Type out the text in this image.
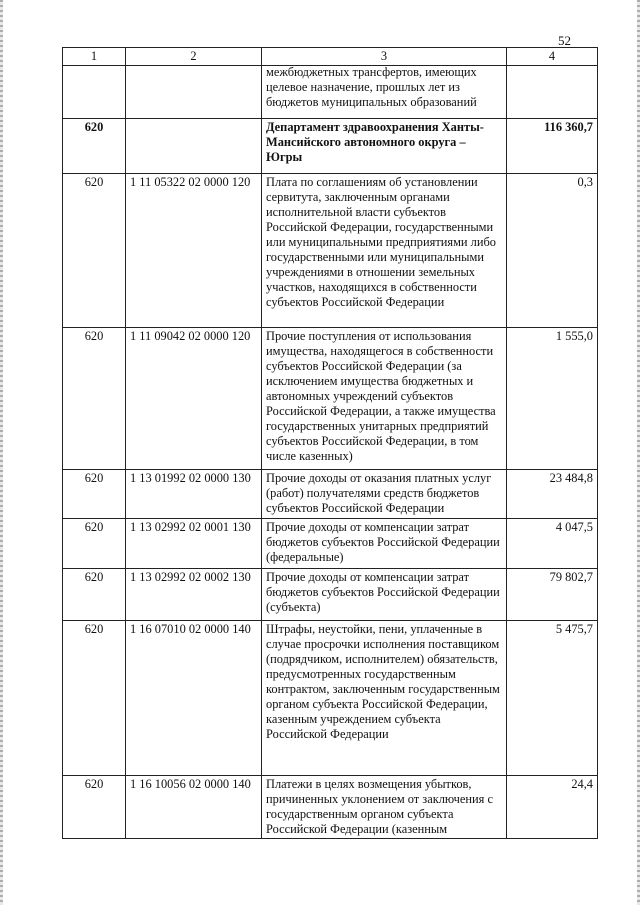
52
1	2	3	4

		межбюджетных трансфертов, имеющих целевое назначение, прошлых лет из бюджетов муниципальных образований	

620		Департамент здравоохранения Ханты-Мансийского автономного округа – Югры	116 360,7
620	1 11 05322 02 0000 120	Плата по соглашениям об установлении сервитута, заключенным органами исполнительной власти субъектов Российской Федерации, государственными или муниципальными предприятиями либо государственными или муниципальными учреждениями в отношении земельных участков, находящихся в собственности субъектов Российской Федерации	0,3
620	1 11 09042 02 0000 120	Прочие поступления от использования имущества, находящегося в собственности субъектов Российской Федерации (за исключением имущества бюджетных и автономных учреждений субъектов Российской Федерации, а также имущества государственных унитарных предприятий субъектов Российской Федерации, в том числе казенных)	1 555,0
620	1 13 01992 02 0000 130	Прочие доходы от оказания платных услуг (работ) получателями средств бюджетов субъектов Российской Федерации	23 484,8
620	1 13 02992 02 0001 130	Прочие доходы от компенсации затрат бюджетов субъектов Российской Федерации (федеральные)	4 047,5
620	1 13 02992 02 0002 130	Прочие доходы от компенсации затрат бюджетов субъектов Российской Федерации (субъекта)	79 802,7
620	1 16 07010 02 0000 140	Штрафы, неустойки, пени, уплаченные в случае просрочки исполнения поставщиком (подрядчиком, исполнителем) обязательств, предусмотренных государственным контрактом, заключенным государственным органом субъекта Российской Федерации, казенным учреждением субъекта Российской Федерации	5 475,7
620	1 16 10056 02 0000 140	Платежи в целях возмещения убытков, причиненных уклонением от заключения с государственным органом субъекта Российской Федерации (казенным	24,4
